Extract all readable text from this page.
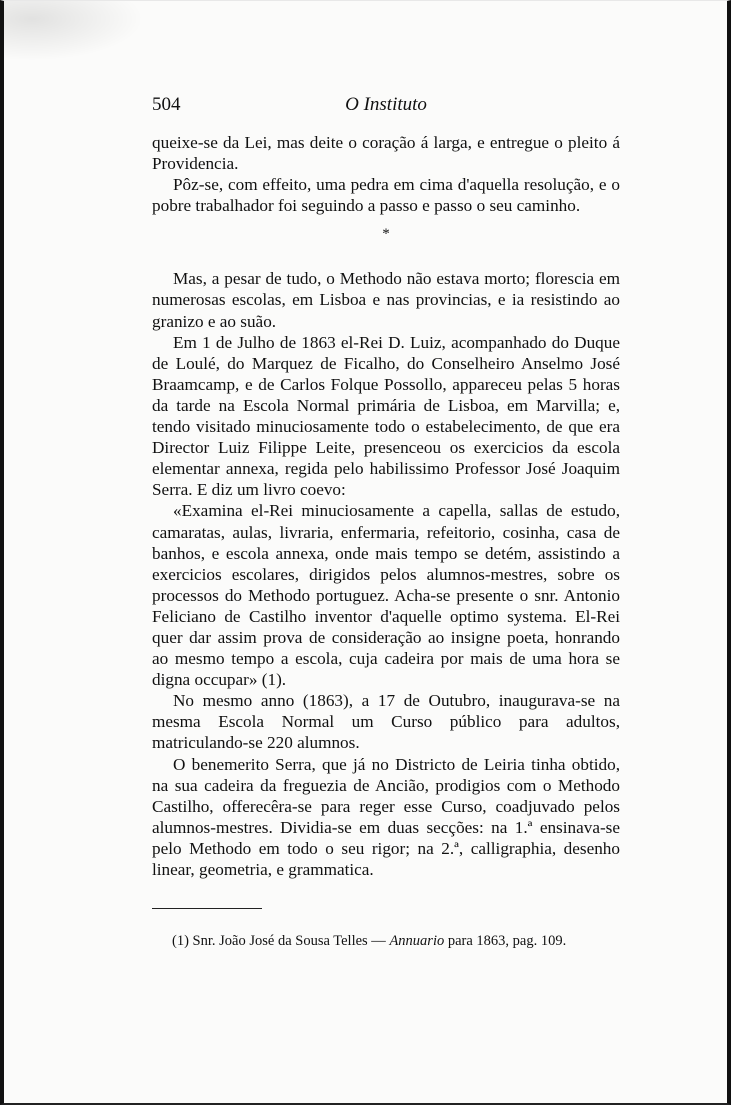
504	O Instituto

queixe-se da Lei, mas deite o coração á larga, e entregue o pleito á Providencia.

Pôz-se, com effeito, uma pedra em cima d'aquella resolução, e o pobre trabalhador foi seguindo a passo e passo o seu caminho.

*

Mas, a pesar de tudo, o Methodo não estava morto; florescia em numerosas escolas, em Lisboa e nas provincias, e ia resistindo ao granizo e ao suão.

Em 1 de Julho de 1863 el-Rei D. Luiz, acompanhado do Duque de Loulé, do Marquez de Ficalho, do Conselheiro Anselmo José Braamcamp, e de Carlos Folque Possollo, appareceu pelas 5 horas da tarde na Escola Normal primária de Lisboa, em Marvilla; e, tendo visitado minuciosamente todo o estabelecimento, de que era Director Luiz Filippe Leite, presenceou os exercicios da escola elementar annexa, regida pelo habilissimo Professor José Joaquim Serra. E diz um livro coevo:

«Examina el-Rei minuciosamente a capella, sallas de estudo, camaratas, aulas, livraria, enfermaria, refeitorio, cosinha, casa de banhos, e escola annexa, onde mais tempo se detém, assistindo a exercicios escolares, dirigidos pelos alumnos-mestres, sobre os processos do Methodo portuguez. Acha-se presente o snr. Antonio Feliciano de Castilho inventor d'aquelle optimo systema. El-Rei quer dar assim prova de consideração ao insigne poeta, honrando ao mesmo tempo a escola, cuja cadeira por mais de uma hora se digna occupar» (1).

No mesmo anno (1863), a 17 de Outubro, inaugurava-se na mesma Escola Normal um Curso público para adultos, matriculando-se 220 alumnos.

O benemerito Serra, que já no Districto de Leiria tinha obtido, na sua cadeira da freguezia de Ancião, prodigios com o Methodo Castilho, offerecêra-se para reger esse Curso, coadjuvado pelos alumnos-mestres. Dividia-se em duas secções: na 1.ª ensinava-se pelo Methodo em todo o seu rigor; na 2.ª, calligraphia, desenho linear, geometria, e grammatica.

(1) Snr. João José da Sousa Telles — Annuario para 1863, pag. 109.
